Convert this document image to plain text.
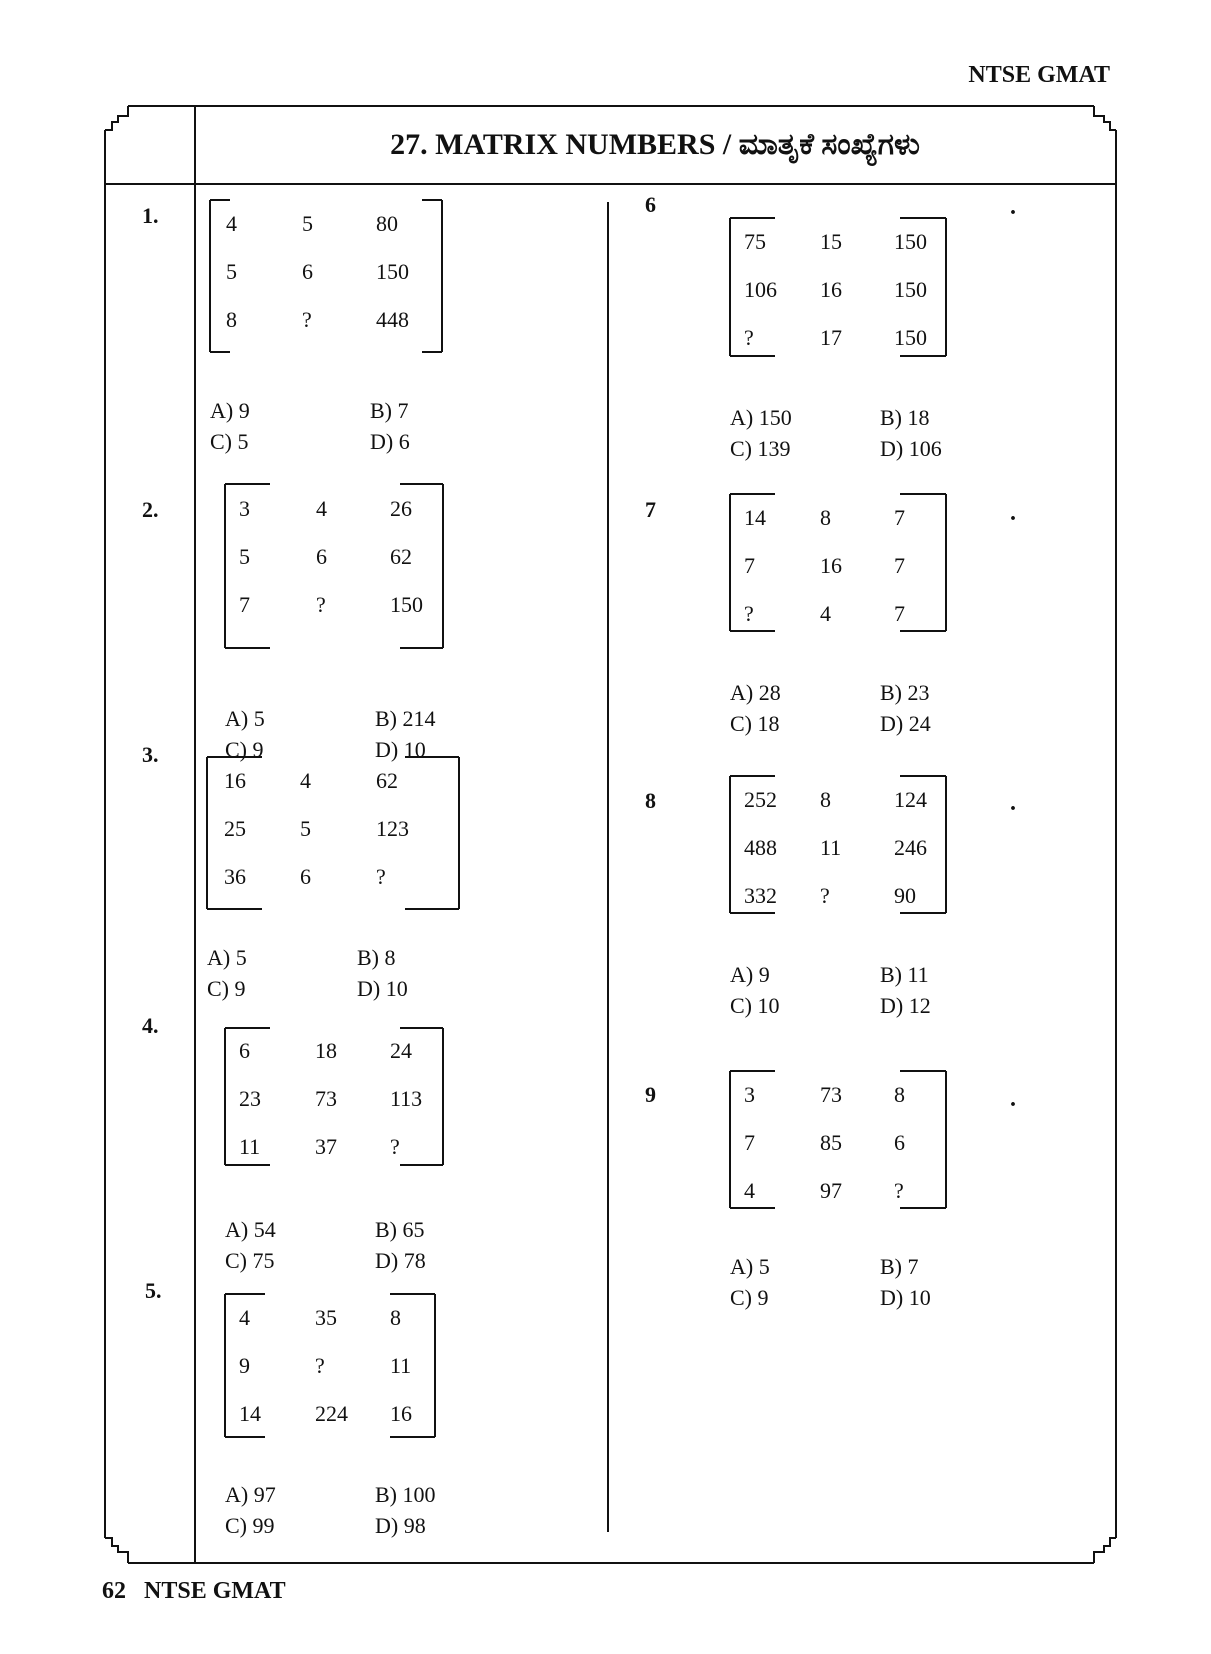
NTSE GMAT
27. MATRIX NUMBERS / ಮಾತೃಕೆ ಸಂಖ್ಯೆಗಳು
1.	4	5	80
5	6	150
8	?	448
A) 9	B) 7
C) 5	D) 6
2.	3	4	26
5	6	62
7	?	150
A) 5	B) 214
C) 9	D) 10
3.
16 4	62
25 5	123
36 6	?
A) 5	B) 8
C) 9	D) 10
4.
6	18 24
23 73 113
11 37 ?
A) 54	B) 65
C) 75	D) 78
5.
4	35 8
9	?	11
14 224 16
A) 97	B) 100
C) 99	D) 98
6
75 15 150
106 16 150
?	17 150
A) 150	B) 18
C) 139	D) 106
.
7	14 8	7
7	16 7
?	4	7
A) 28	B) 23
C) 18	D) 24
.
8	252 8	124
488 11 246
332 ?	90
A) 9	B) 11
C) 10	D) 12
.
9	3	73 8
7	85 6
4	97 ?
A) 5	B) 7
C) 9	D) 10
.
62 NTSE GMAT
